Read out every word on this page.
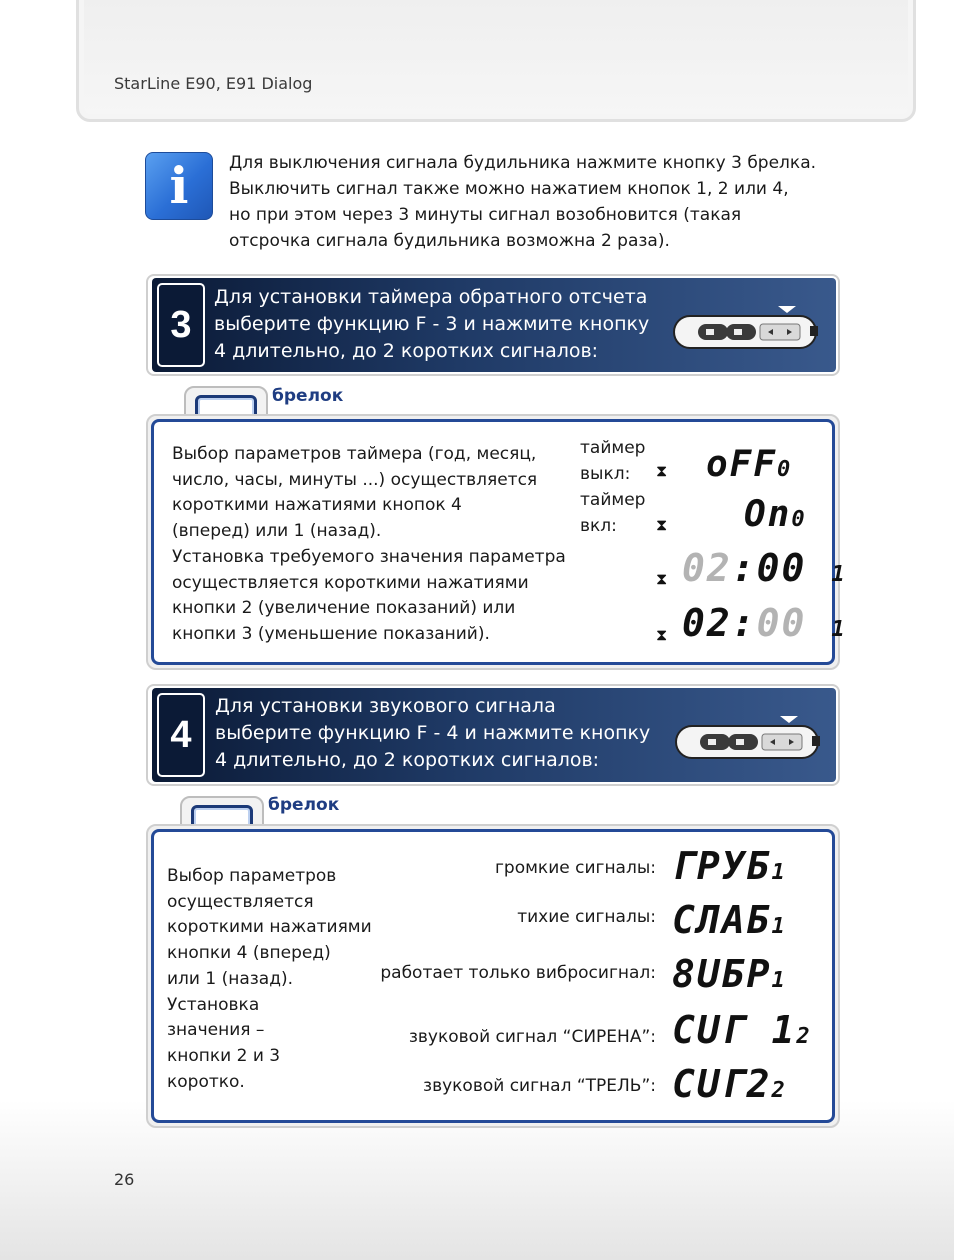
StarLine E90, E91 Dialog
i Для выключения сигнала будильника нажмите кнопку 3 брелка.
Выключить сигнал также можно нажатием кнопок 1, 2 или 4,
но при этом через 3 минуты сигнал возобновится (такая
отсрочка сигнала будильника возможна 2 раза).
3
Для установки таймера обратного отсчета
выберите функцию F - 3 и нажмите кнопку
4 длительно, до 2 коротких сигналов:
брелок
Выбор параметров таймера (год, месяц,
число, часы, минуты ...) осуществляется
короткими нажатиями кнопок 4
(вперед) или 1 (назад).
Установка требуемого значения параметра
осуществляется короткими нажатиями
кнопки 2 (увеличение показаний) или
кнопки 3 (уменьшение показаний).
таймер
выкл:
таймер
вкл:
⧗ oFF0
⧗ On0
⧗ 02:00 1
⧗ 02:00 1
4
Для установки звукового сигнала
выберите функцию F - 4 и нажмите кнопку
4 длительно, до 2 коротких сигналов:
брелок
Выбор параметров
осуществляется
короткими нажатиями
кнопки 4 (вперед)
или 1 (назад).
Установка
значения –
кнопки 2 и 3
коротко.
громкие сигналы: ГРУБ1
тихие сигналы: СЛАБ1
работает только вибросигнал: 8UБР1
звуковой сигнал “СИРЕНА”: CUГ 12
звуковой сигнал “ТРЕЛЬ”: CUГ22
26
